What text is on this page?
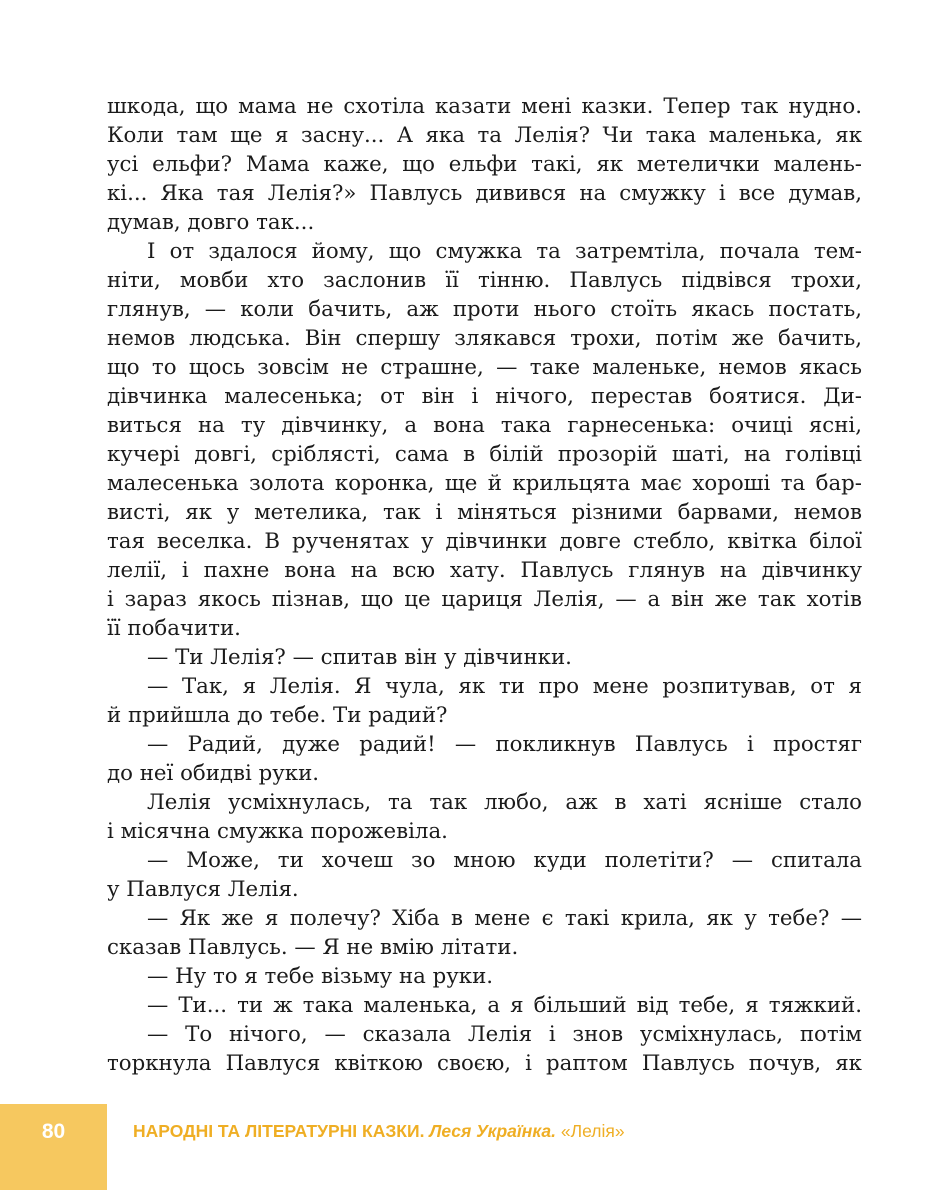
шкода, що мама не схотіла казати мені казки. Тепер так нудно.
Коли там ще я засну... А яка та Лелія? Чи така маленька, як
усі ельфи? Мама каже, що ельфи такі, як метелички малень-
кі... Яка тая Лелія?» Павлусь дивився на смужку і все думав,
думав, довго так...
І от здалося йому, що смужка та затремтіла, почала тем-
ніти, мовби хто заслонив її тінню. Павлусь підвівся трохи,
глянув, — коли бачить, аж проти нього стоїть якась постать,
немов людська. Він спершу злякався трохи, потім же бачить,
що то щось зовсім не страшне, — таке маленьке, немов якась
дівчинка малесенька; от він і нічого, перестав боятися. Ди-
виться на ту дівчинку, а вона така гарнесенька: очиці ясні,
кучері довгі, сріблясті, сама в білій прозорій шаті, на голівці
малесенька золота коронка, ще й крильцята має хороші та бар-
висті, як у метелика, так і міняться різними барвами, немов
тая веселка. В рученятах у дівчинки довге стебло, квітка білої
лелії, і пахне вона на всю хату. Павлусь глянув на дівчинку
і зараз якось пізнав, що це цариця Лелія, — а він же так хотів
її побачити.
— Ти Лелія? — спитав він у дівчинки.
— Так, я Лелія. Я чула, як ти про мене розпитував, от я
й прийшла до тебе. Ти радий?
— Радий, дуже радий! — покликнув Павлусь і простяг
до неї обидві руки.
Лелія усміхнулась, та так любо, аж в хаті ясніше стало
і місячна смужка порожевіла.
— Може, ти хочеш зо мною куди полетіти? — спитала
у Павлуся Лелія.
— Як же я полечу? Хіба в мене є такі крила, як у тебе? —
сказав Павлусь. — Я не вмію літати.
— Ну то я тебе візьму на руки.
— Ти... ти ж така маленька, а я більший від тебе, я тяжкий.
— То нічого, — сказала Лелія і знов усміхнулась, потім
торкнула Павлуся квіткою своєю, і раптом Павлусь почув, як
80	НАРОДНІ ТА ЛІТЕРАТУРНІ КАЗКИ. Леся Українка. «Лелія»
